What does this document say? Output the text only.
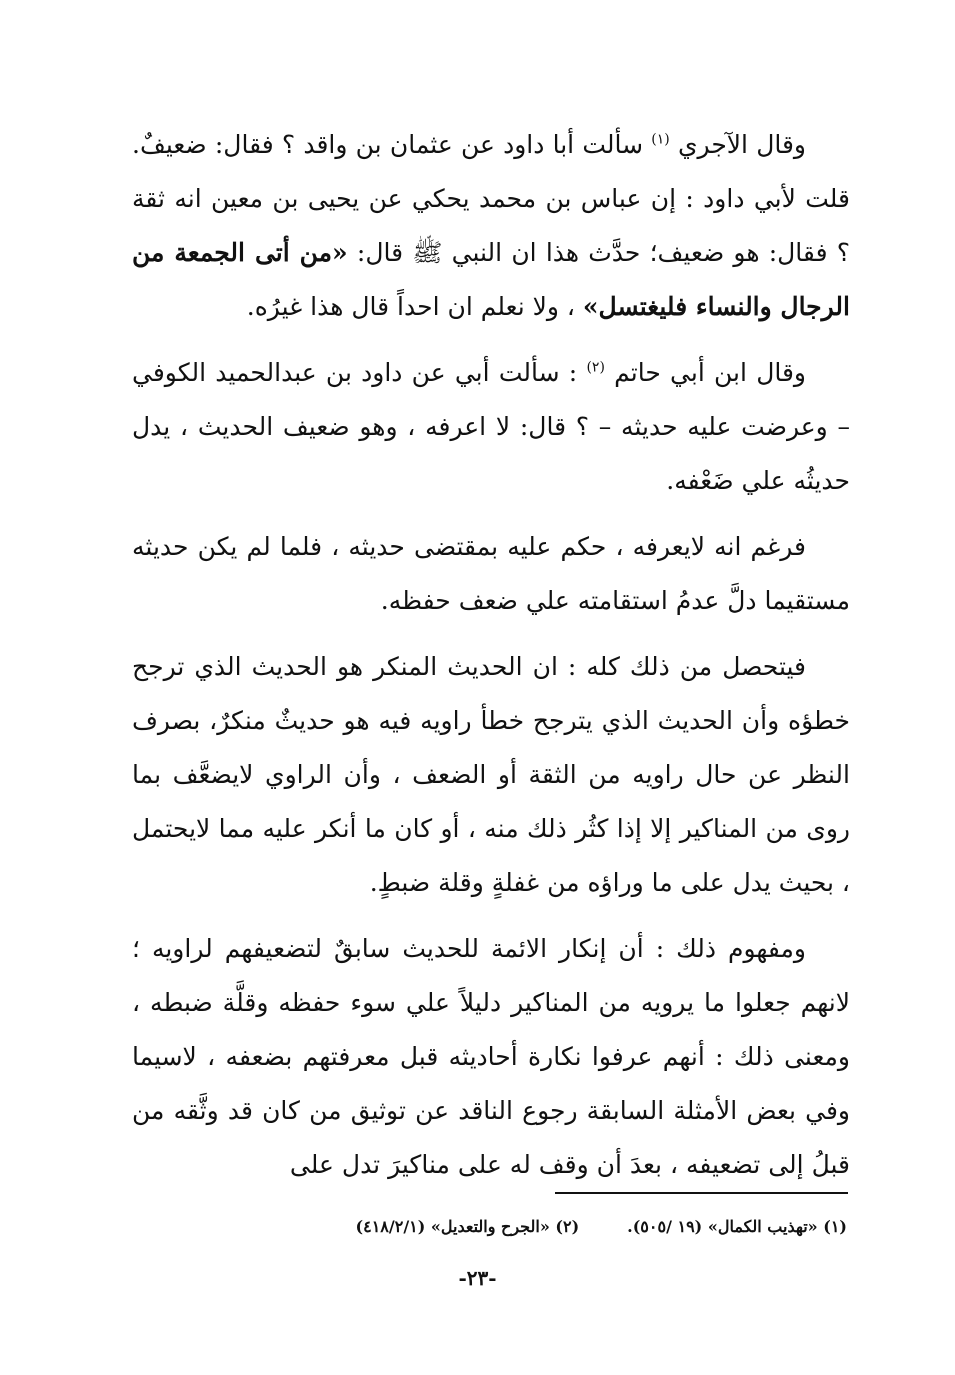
وقال الآجري $^{(١)}$ سألت أبا داود عن عثمان بن واقد ؟ فقال: ضعيفٌ. قلت لأبي داود : إن عباس بن محمد يحكي عن يحيى بن معين انه ثقة ؟ فقال: هو ضعيف؛ حدَّث هذا ان النبي ﷺ قال: «من أتى الجمعة من الرجال والنساء فليغتسل» ، ولا نعلم ان احداً قال هذا غيرُه.

وقال ابن أبي حاتم $^{(٢)}$ : سألت أبي عن داود بن عبدالحميد الكوفي – وعرضت عليه حديثه – ؟ قال: لا اعرفه ، وهو ضعيف الحديث ، يدل حديثُه علي ضَعْفه.

فرغم انه لايعرفه ، حكم عليه بمقتضى حديثه ، فلما لم يكن حديثه مستقيما دلَّ عدمُ استقامته علي ضعف حفظه.

فيتحصل من ذلك كله : ان الحديث المنكر هو الحديث الذي ترجح خطؤه وأن الحديث الذي يترجح خطأ راويه فيه هو حديثٌ منكرٌ، بصرف النظر عن حال راويه من الثقة أو الضعف ، وأن الراوي لايضعَّف بما روى من المناكير إلا إذا كثُر ذلك منه ، أو كان ما أنكر عليه مما لايحتمل ، بحيث يدل على ما وراؤه من غفلةٍ وقلة ضبطٍ.

ومفهوم ذلك : أن إنكار الائمة للحديث سابقٌ لتضعيفهم لراويه ؛ لانهم جعلوا ما يرويه من المناكير دليلاً علي سوء حفظه وقلَّة ضبطه ، ومعنى ذلك : أنهم عرفوا نكارة أحاديثه قبل معرفتهم بضعفه ، لاسيما وفي بعض الأمثلة السابقة رجوع الناقد عن توثيق من كان قد وثَّقه من قبلُ إلى تضعيفه ، بعدَ أن وقف له على مناكيرَ تدل على

(١) «تهذيب الكمال» (١٩ /٥٠٥).
(٢) «الجرح والتعديل» (٤١٨/٢/١)
-٢٣-
